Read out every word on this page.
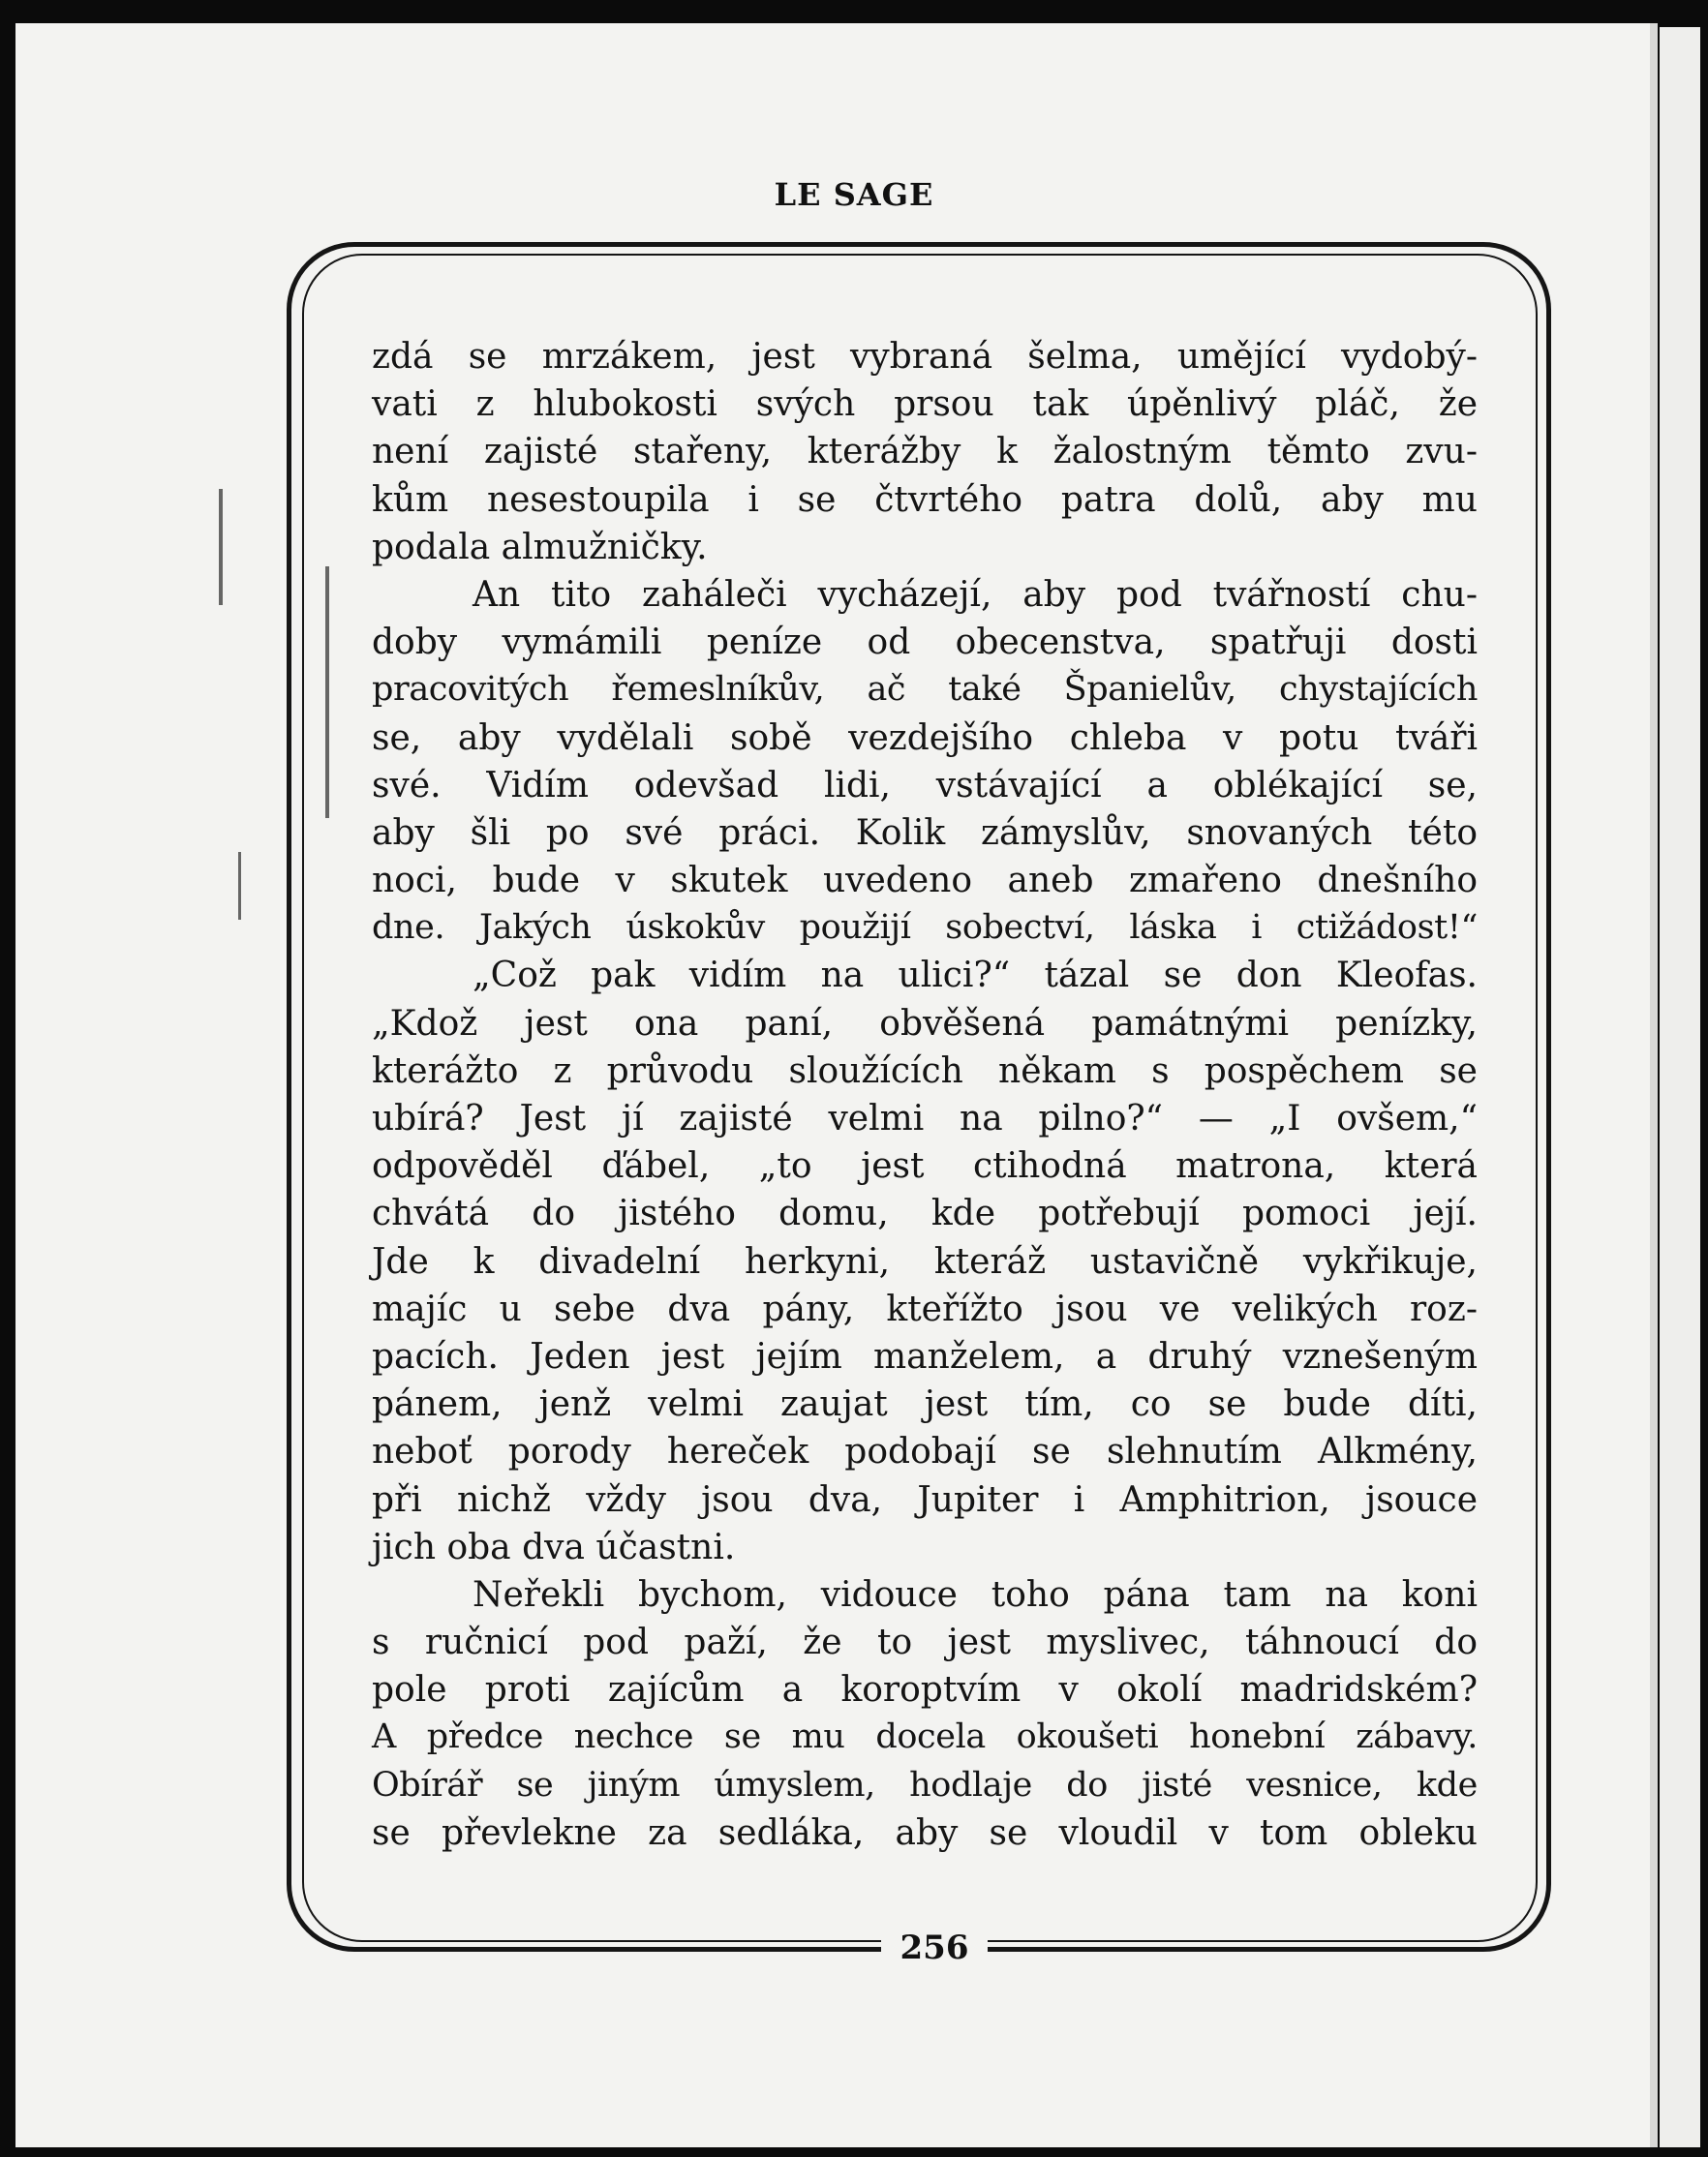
LE SAGE
zdá se mrzákem, jest vybraná šelma, umějící vydobý-
vati z hlubokosti svých prsou tak úpěnlivý pláč, že
není zajisté stařeny, kterážby k žalostným těmto zvu-
kům nesestoupila i se čtvrtého patra dolů, aby mu
podala almužničky.
An tito zaháleči vycházejí, aby pod tvářností chu-
doby vymámili peníze od obecenstva, spatřuji dosti
pracovitých řemeslníkův, ač také Španielův, chystajících
se, aby vydělali sobě vezdejšího chleba v potu tváři
své. Vidím odevšad lidi, vstávající a oblékající se,
aby šli po své práci. Kolik zámyslův, snovaných této
noci, bude v skutek uvedeno aneb zmařeno dnešního
dne. Jakých úskokův použijí sobectví, láska i ctižádost!“
„Což pak vidím na ulici?“ tázal se don Kleofas.
„Kdož jest ona paní, obvěšená památnými penízky,
kterážto z průvodu sloužících někam s pospěchem se
ubírá? Jest jí zajisté velmi na pilno?“ — „I ovšem,“
odpověděl ďábel, „to jest ctihodná matrona, která
chvátá do jistého domu, kde potřebují pomoci její.
Jde k divadelní herkyni, kteráž ustavičně vykřikuje,
majíc u sebe dva pány, kteřížto jsou ve velikých roz-
pacích. Jeden jest jejím manželem, a druhý vznešeným
pánem, jenž velmi zaujat jest tím, co se bude díti,
neboť porody hereček podobají se slehnutím Alkmény,
při nichž vždy jsou dva, Jupiter i Amphitrion, jsouce
jich oba dva účastni.
Neřekli bychom, vidouce toho pána tam na koni
s ručnicí pod paží, že to jest myslivec, táhnoucí do
pole proti zajícům a koroptvím v okolí madridském?
A předce nechce se mu docela okoušeti honební zábavy.
Obírář se jiným úmyslem, hodlaje do jisté vesnice, kde
se převlekne za sedláka, aby se vloudil v tom obleku
256
